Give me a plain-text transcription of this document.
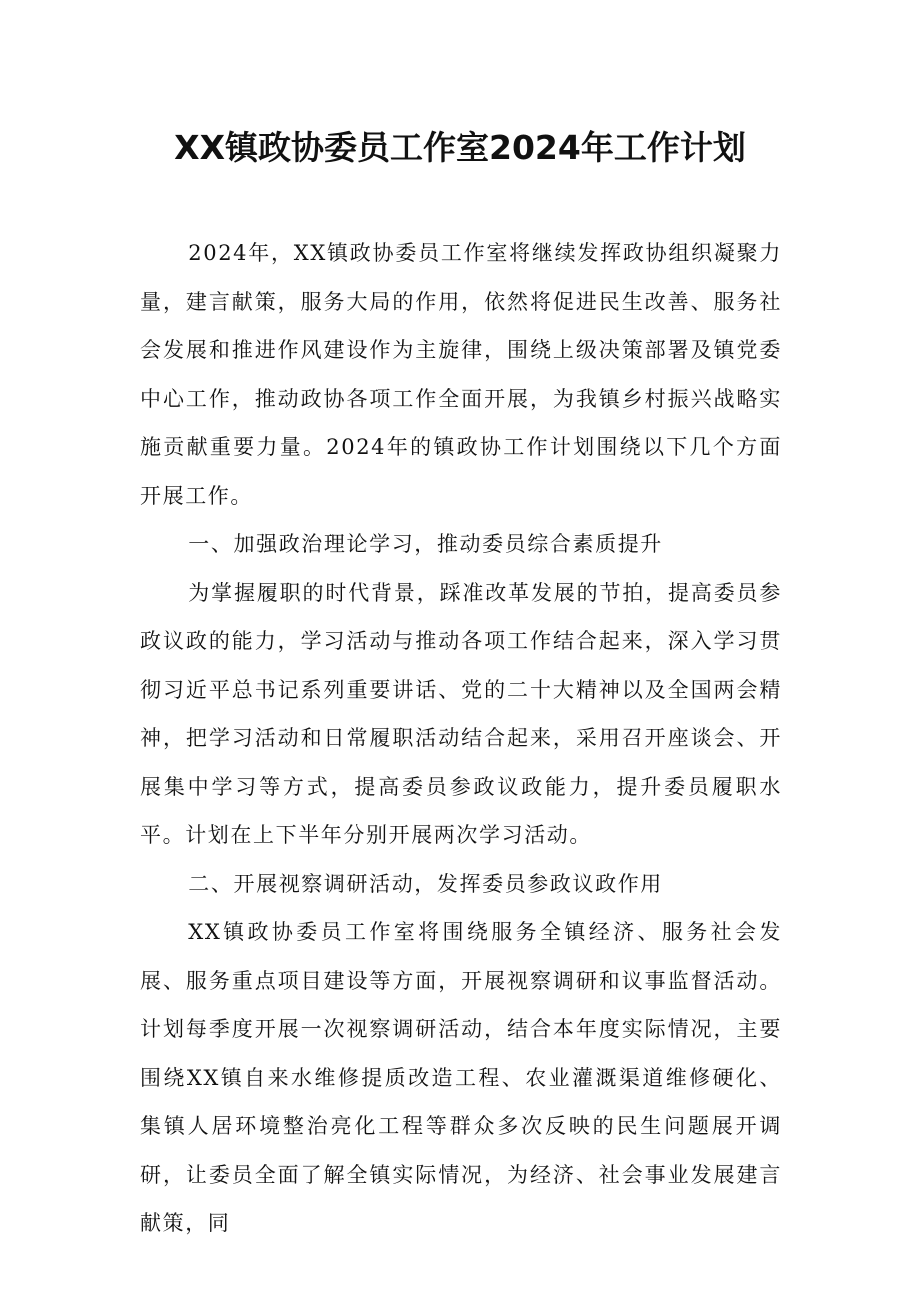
XX镇政协委员工作室2024年工作计划

2024年，XX镇政协委员工作室将继续发挥政协组织凝聚力量，建言献策，服务大局的作用，依然将促进民生改善、服务社会发展和推进作风建设作为主旋律，围绕上级决策部署及镇党委中心工作，推动政协各项工作全面开展，为我镇乡村振兴战略实施贡献重要力量。2024年的镇政协工作计划围绕以下几个方面开展工作。

一、加强政治理论学习，推动委员综合素质提升

为掌握履职的时代背景，踩准改革发展的节拍，提高委员参政议政的能力，学习活动与推动各项工作结合起来，深入学习贯彻习近平总书记系列重要讲话、党的二十大精神以及全国两会精神，把学习活动和日常履职活动结合起来，采用召开座谈会、开展集中学习等方式，提高委员参政议政能力，提升委员履职水平。计划在上下半年分别开展两次学习活动。

二、开展视察调研活动，发挥委员参政议政作用

XX镇政协委员工作室将围绕服务全镇经济、服务社会发展、服务重点项目建设等方面，开展视察调研和议事监督活动。计划每季度开展一次视察调研活动，结合本年度实际情况，主要围绕XX镇自来水维修提质改造工程、农业灌溉渠道维修硬化、集镇人居环境整治亮化工程等群众多次反映的民生问题展开调研，让委员全面了解全镇实际情况，为经济、社会事业发展建言献策，同
